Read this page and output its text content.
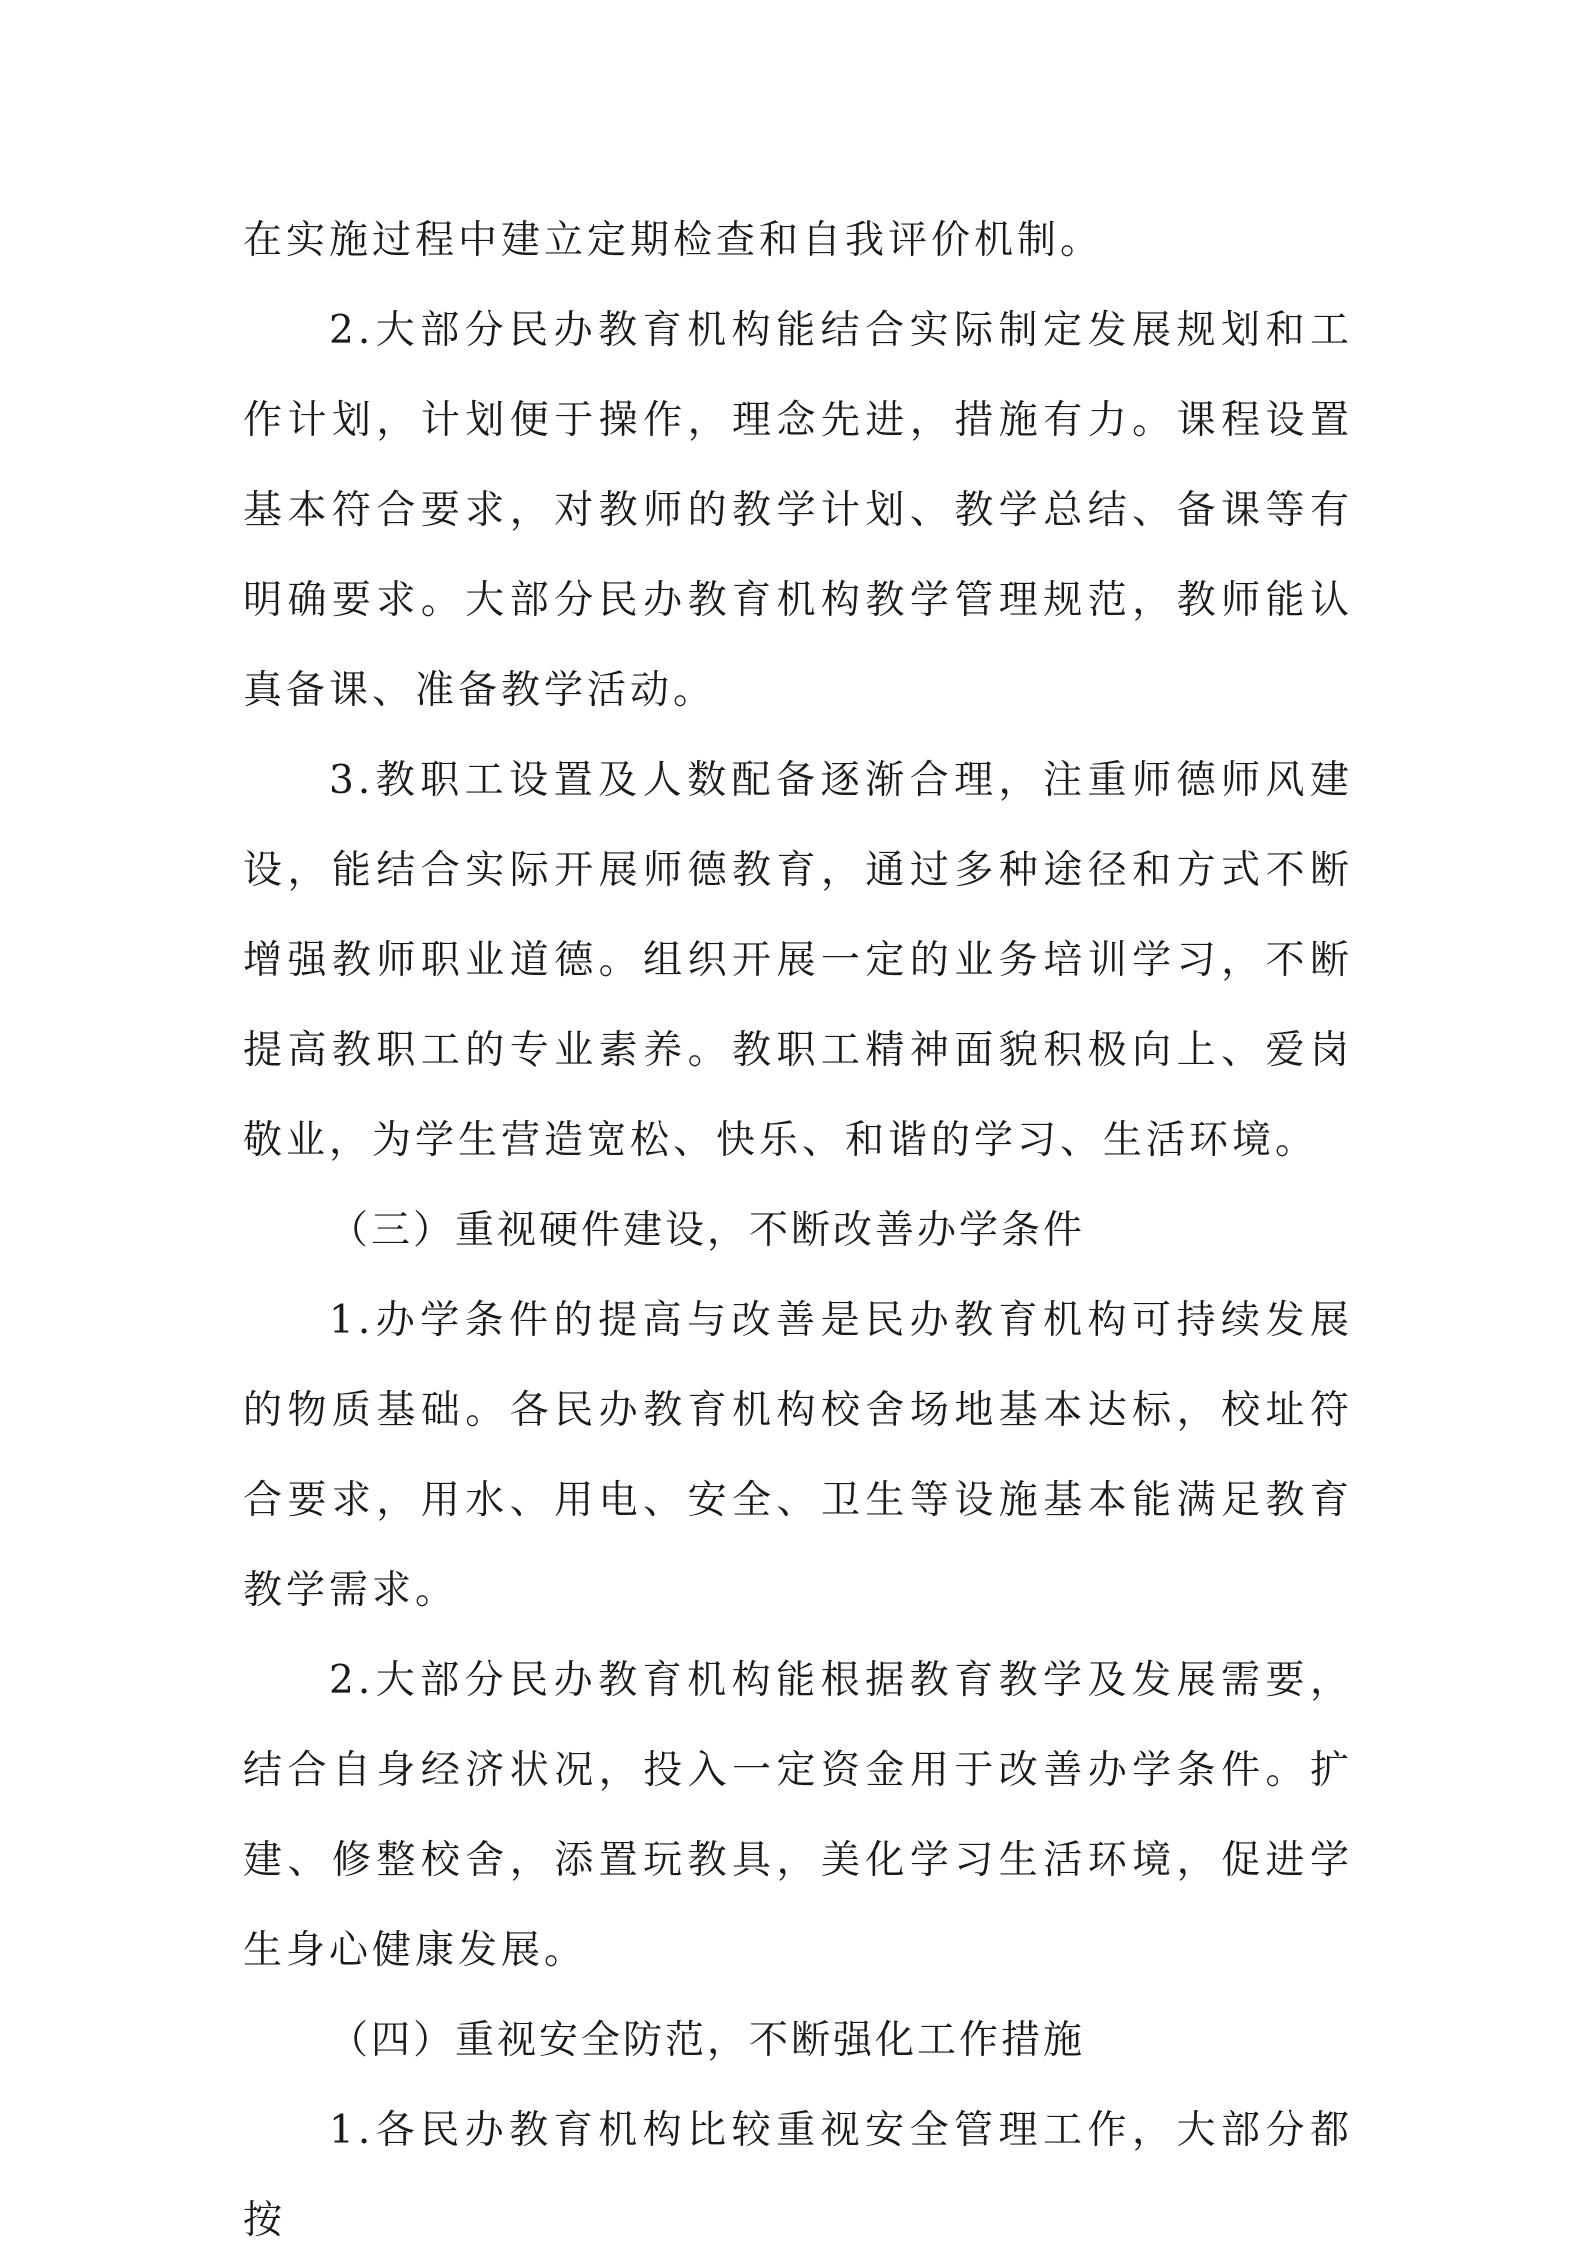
在实施过程中建立定期检查和自我评价机制。

2.大部分民办教育机构能结合实际制定发展规划和工作计划，计划便于操作，理念先进，措施有力。课程设置基本符合要求，对教师的教学计划、教学总结、备课等有明确要求。大部分民办教育机构教学管理规范，教师能认真备课、准备教学活动。

3.教职工设置及人数配备逐渐合理，注重师德师风建设，能结合实际开展师德教育，通过多种途径和方式不断增强教师职业道德。组织开展一定的业务培训学习，不断提高教职工的专业素养。教职工精神面貌积极向上、爱岗敬业，为学生营造宽松、快乐、和谐的学习、生活环境。

（三）重视硬件建设，不断改善办学条件

1.办学条件的提高与改善是民办教育机构可持续发展的物质基础。各民办教育机构校舍场地基本达标，校址符合要求，用水、用电、安全、卫生等设施基本能满足教育教学需求。

2.大部分民办教育机构能根据教育教学及发展需要，结合自身经济状况，投入一定资金用于改善办学条件。扩建、修整校舍，添置玩教具，美化学习生活环境，促进学生身心健康发展。

（四）重视安全防范，不断强化工作措施

1.各民办教育机构比较重视安全管理工作，大部分都按
